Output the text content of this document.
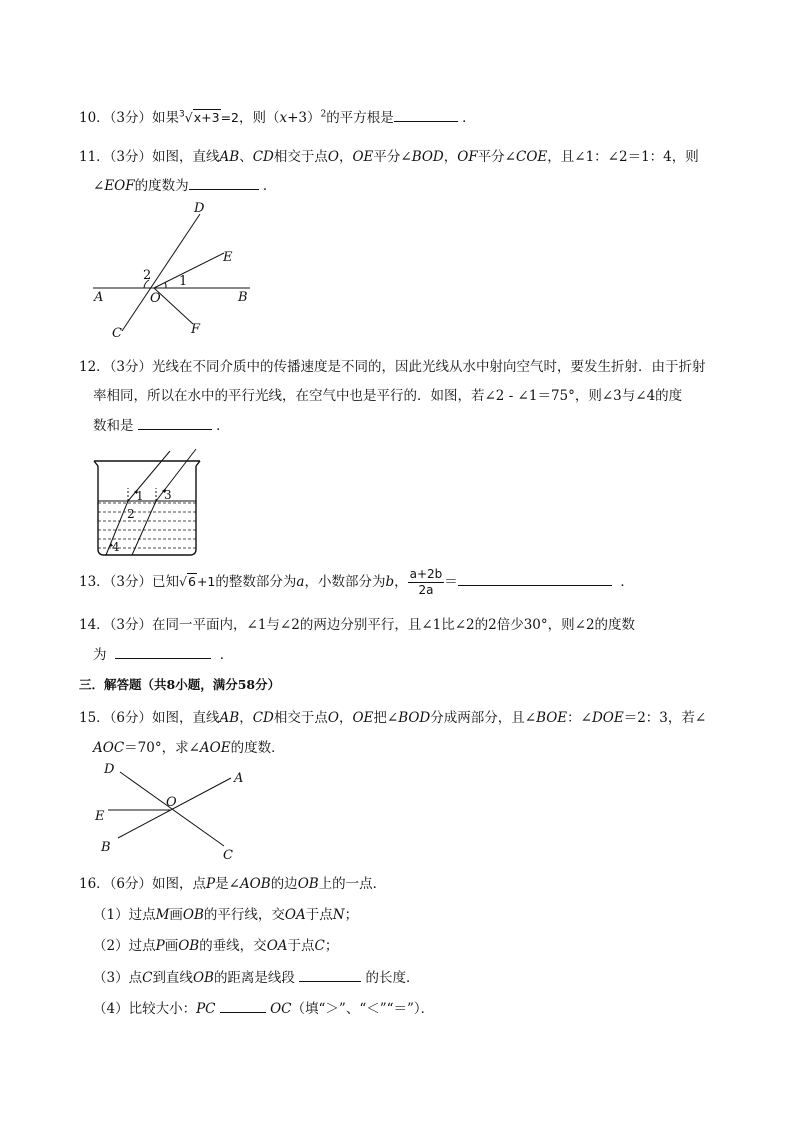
10．（3分）如果$^3$√x+3=2，则$(x+3)^2$的平方根是	．
11．（3分）如图，直线AB、CD相交于点O，OE平分∠BOD，OF平分∠COE，且∠1：∠2＝1：4，则
∠EOF的度数为	．
D
E
A	O	B
C	F
2 1
12．（3分）光线在不同介质中的传播速度是不同的，因此光线从水中射向空气时，要发生折射．由于折射
率相同，所以在水中的平行光线，在空气中也是平行的．如图，若∠2 - ∠1＝75°，则∠3与∠4的度
数和是	．
1
2
3
4
13．（3分）已知√6+1的整数部分为a，小数部分为b， $\frac{a+2b}{2a}$ ＝	．
14．（3分）在同一平面内，∠1与∠2的两边分别平行，且∠1比∠2的2倍少30°，则∠2的度数
为	．
三．解答题（共8小题，满分58分）
15．（6分）如图，直线AB，CD相交于点O，OE把∠BOD分成两部分，且∠BOE：∠DOE＝2：3，若∠
AOC＝70°，求∠AOE的度数．
D
A
O
E
B
C
16．（6分）如图，点P是∠AOB的边OB上的一点．
（1）过点M画OB的平行线，交OA于点N；
（2）过点P画OB的垂线，交OA于点C；
（3）点C到直线OB的距离是线段	的长度．
（4）比较大小：PC	OC（填“＞”、“＜”“＝”）．
